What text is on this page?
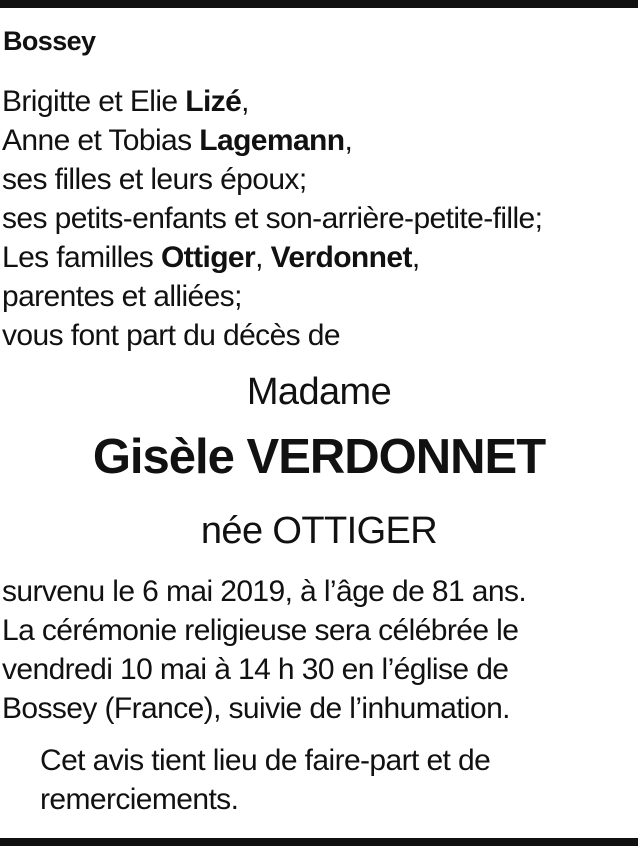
Bossey
Brigitte et Elie Lizé,
Anne et Tobias Lagemann,
ses filles et leurs époux;
ses petits-enfants et son-arrière-petite-fille;
Les familles Ottiger, Verdonnet,
parentes et alliées;
vous font part du décès de
Madame
Gisèle VERDONNET
née OTTIGER
survenu le 6 mai 2019, à l’âge de 81 ans.
La cérémonie religieuse sera célébrée le
vendredi 10 mai à 14 h 30 en l’église de
Bossey (France), suivie de l’inhumation.
Cet avis tient lieu de faire-part et de
remerciements.
